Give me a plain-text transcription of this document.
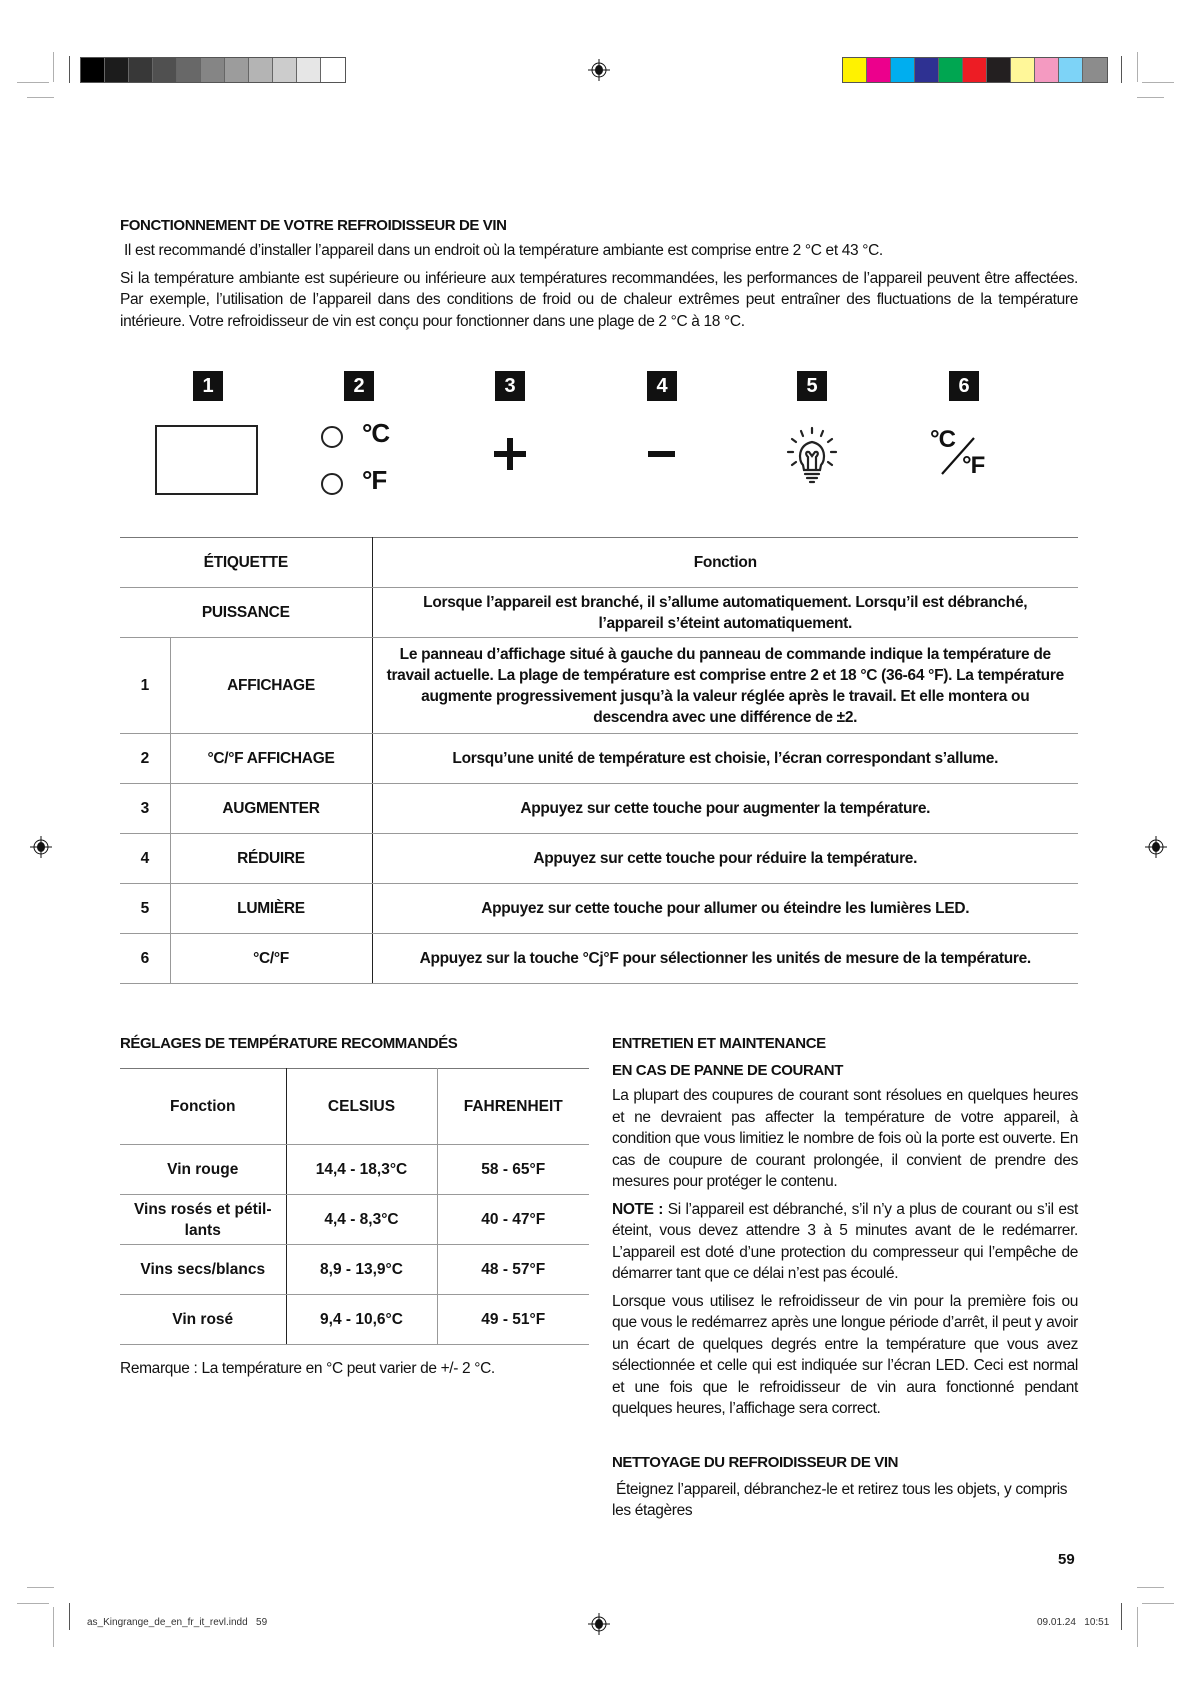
FONCTIONNEMENT DE VOTRE REFROIDISSEUR DE VIN

Il est recommandé d’installer l’appareil dans un endroit où la température ambiante est comprise entre 2 °C et 43 °C.

Si la température ambiante est supérieure ou inférieure aux températures recommandées, les performances de l’appareil peuvent être affectées. Par exemple, l’utilisation de l’appareil dans des conditions de froid ou de chaleur extrêmes peut entraîner des fluctuations de la température intérieure. Votre refroidisseur de vin est conçu pour fonctionner dans une plage de 2 °C à 18 °C.

1	2	3	4	5	6
°C
°F
°C
°F
ÉTIQUETTE		Fonction
PUISSANCE		Lorsque l’appareil est branché, il s’allume automatiquement. Lorsqu’il est débranché, l’appareil s’éteint automatiquement.
1	AFFICHAGE	Le panneau d’affichage situé à gauche du panneau de commande indique la température de travail actuelle. La plage de température est comprise entre 2 et 18 °C (36-64 °F). La température augmente progressivement jusqu’à la valeur réglée après le travail. Et elle montera ou descendra avec une différence de ±2.
2	°C/°F AFFICHAGE	Lorsqu’une unité de température est choisie, l’écran correspondant s’allume.
3	AUGMENTER	Appuyez sur cette touche pour augmenter la température.
4	RÉDUIRE	Appuyez sur cette touche pour réduire la température.
5	LUMIÈRE	Appuyez sur cette touche pour allumer ou éteindre les lumières LED.
6	°C/°F	Appuyez sur la touche °Cj°F pour sélectionner les unités de mesure de la température.

RÉGLAGES DE TEMPÉRATURE RECOMMANDÉS

Fonction	CELSIUS	FAHRENHEIT
Vin rouge	14,4 - 18,3°C	58 - 65°F
Vins rosés et pétil-
lants	4,4 - 8,3°C	40 - 47°F
Vins secs/blancs	8,9 - 13,9°C	48 - 57°F
Vin rosé	9,4 - 10,6°C	49 - 51°F

Remarque : La température en °C peut varier de +/- 2 °C.

ENTRETIEN ET MAINTENANCE

EN CAS DE PANNE DE COURANT

La plupart des coupures de courant sont résolues en quelques heures et ne devraient pas affecter la température de votre appareil, à condition que vous limitiez le nombre de fois où la porte est ouverte. En cas de coupure de courant prolongée, il convient de prendre des mesures pour protéger le contenu.

NOTE : Si l’appareil est débranché, s’il n’y a plus de courant ou s’il est éteint, vous devez attendre 3 à 5 minutes avant de le redémarrer. L’appareil est doté d’une protection du compresseur qui l’empêche de démarrer tant que ce délai n’est pas écoulé.

Lorsque vous utilisez le refroidisseur de vin pour la première fois ou que vous le redémarrez après une longue période d’arrêt, il peut y avoir un écart de quelques degrés entre la température que vous avez sélectionnée et celle qui est indiquée sur l’écran LED. Ceci est normal et une fois que le refroidisseur de vin aura fonctionné pendant quelques heures, l’affichage sera correct.

NETTOYAGE DU REFROIDISSEUR DE VIN

Éteignez l’appareil, débranchez-le et retirez tous les objets, y compris les étagères

59
as_Kingrange_de_en_fr_it_revl.indd   59	09.01.24   10:51
